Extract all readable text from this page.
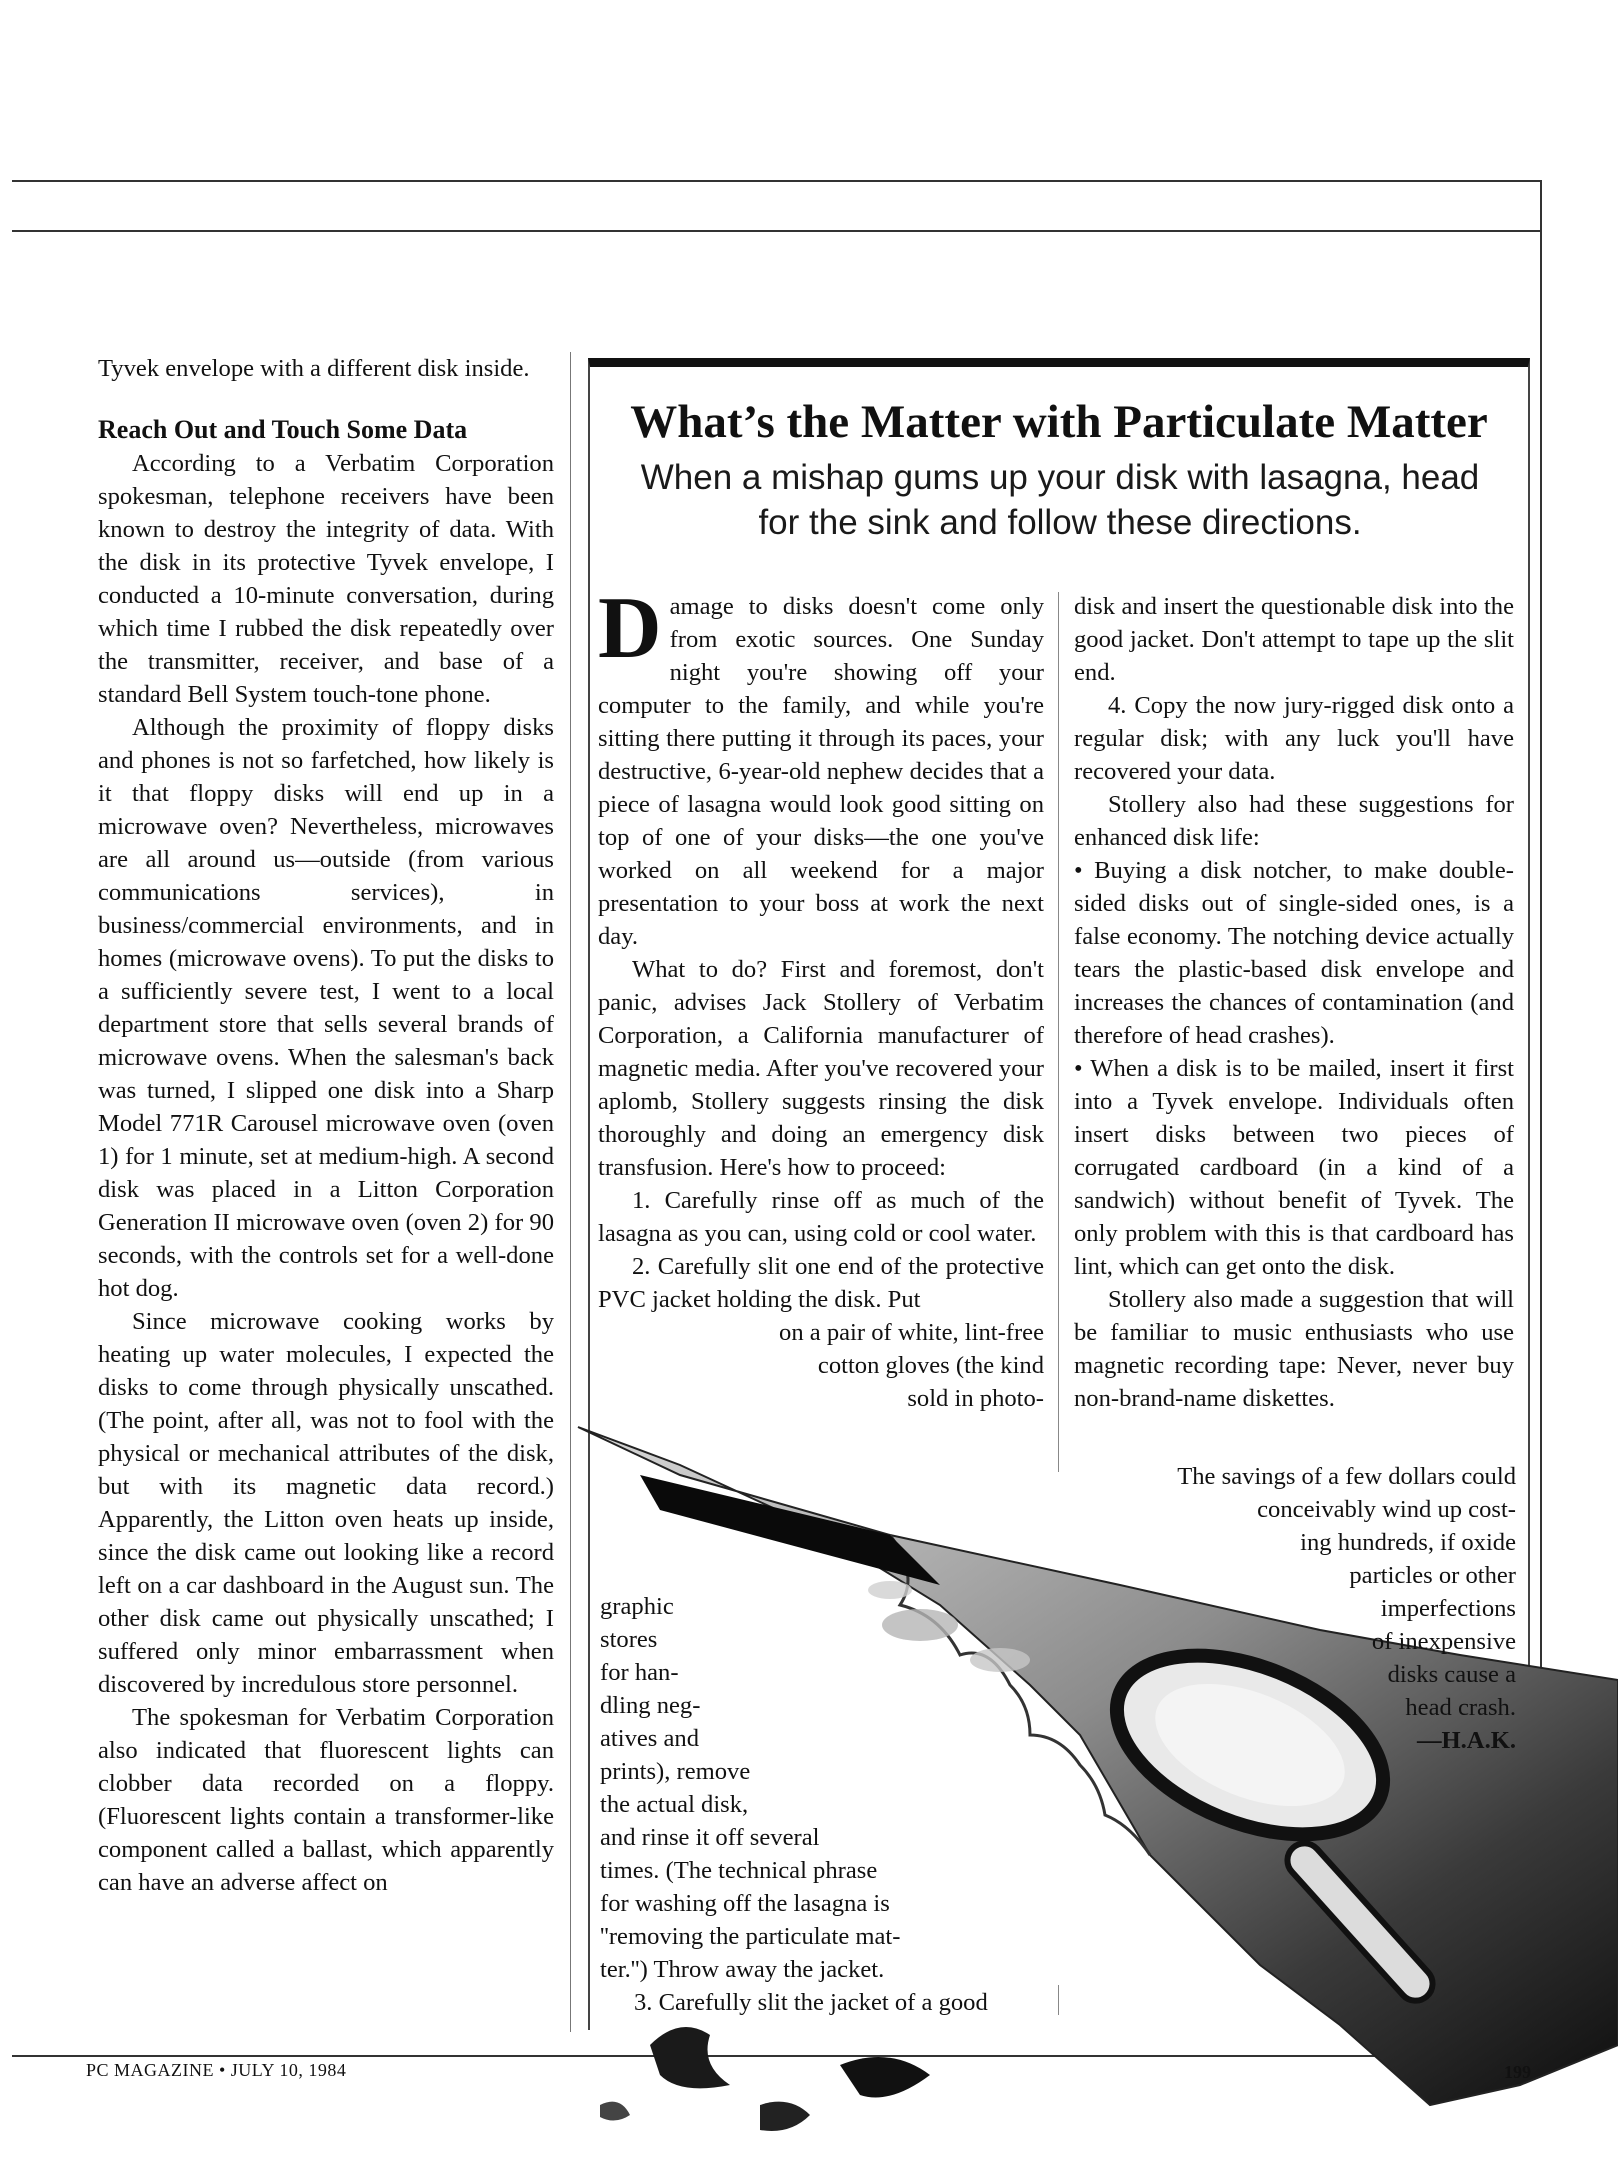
Tyvek envelope with a different disk inside.

Reach Out and Touch Some Data

According to a Verbatim Corporation spokesman, telephone receivers have been known to destroy the integrity of data. With the disk in its protective Tyvek envelope, I conducted a 10-minute conversation, during which time I rubbed the disk repeatedly over the transmitter, receiver, and base of a standard Bell System touch-tone phone.

Although the proximity of floppy disks and phones is not so farfetched, how likely is it that floppy disks will end up in a microwave oven? Nevertheless, microwaves are all around us—outside (from various communications services), in business/commercial environments, and in homes (microwave ovens). To put the disks to a sufficiently severe test, I went to a local department store that sells several brands of microwave ovens. When the salesman's back was turned, I slipped one disk into a Sharp Model 771R Carousel microwave oven (oven 1) for 1 minute, set at medium-high. A second disk was placed in a Litton Corporation Generation II microwave oven (oven 2) for 90 seconds, with the controls set for a well-done hot dog.

Since microwave cooking works by heating up water molecules, I expected the disks to come through physically unscathed. (The point, after all, was not to fool with the physical or mechanical attributes of the disk, but with its magnetic data record.) Apparently, the Litton oven heats up inside, since the disk came out looking like a record left on a car dashboard in the August sun. The other disk came out physically unscathed; I suffered only minor embarrassment when discovered by incredulous store personnel.

The spokesman for Verbatim Corporation also indicated that fluorescent lights can clobber data recorded on a floppy. (Fluorescent lights contain a transformer-like component called a ballast, which apparently can have an adverse affect on

What’s the Matter with Particulate Matter
When a mishap gums up your disk with lasagna, head for the sink and follow these directions.

Damage to disks doesn't come only from exotic sources. One Sunday night you're showing off your computer to the family, and while you're sitting there putting it through its paces, your destructive, 6-year-old nephew decides that a piece of lasagna would look good sitting on top of one of your disks—the one you've worked on all weekend for a major presentation to your boss at work the next day.

What to do? First and foremost, don't panic, advises Jack Stollery of Verbatim Corporation, a California manufacturer of magnetic media. After you've recovered your aplomb, Stollery suggests rinsing the disk thoroughly and doing an emergency disk transfusion. Here's how to proceed:

1. Carefully rinse off as much of the lasagna as you can, using cold or cool water.

2. Carefully slit one end of the protective PVC jacket holding the disk. Put

on a pair of white, lint-free

cotton gloves (the kind

sold in photo-

disk and insert the questionable disk into the good jacket. Don't attempt to tape up the slit end.

4. Copy the now jury-rigged disk onto a regular disk; with any luck you'll have recovered your data.

Stollery also had these suggestions for enhanced disk life:

• Buying a disk notcher, to make double-sided disks out of single-sided ones, is a false economy. The notching device actually tears the plastic-based disk envelope and increases the chances of contamination (and therefore of head crashes).

• When a disk is to be mailed, insert it first into a Tyvek envelope. Individuals often insert disks between two pieces of corrugated cardboard (in a kind of a sandwich) without benefit of Tyvek. The only problem with this is that cardboard has lint, which can get onto the disk.

Stollery also made a suggestion that will be familiar to music enthusiasts who use magnetic recording tape: Never, never buy non-brand-name diskettes.

graphic

stores

for han-

dling neg-

atives and

prints), remove

the actual disk,

and rinse it off several

times. (The technical phrase

for washing off the lasagna is

''removing the particulate mat-

ter.'') Throw away the jacket.

3. Carefully slit the jacket of a good

The savings of a few dollars could

conceivably wind up cost-

ing hundreds, if oxide

particles or other

imperfections

of inexpensive

disks cause a

head crash.

—H.A.K.

PC MAGAZINE • JULY 10, 1984	199
